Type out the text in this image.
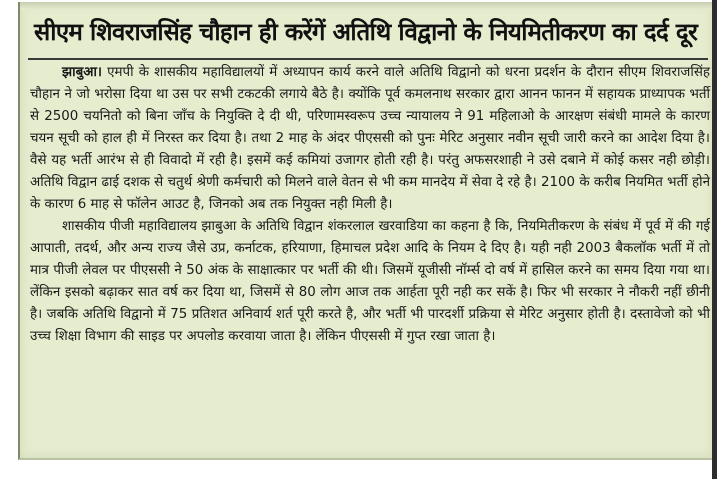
सीएम शिवराजसिंह चौहान ही करेंगें अतिथि विद्वानो के नियमितीकरण का दर्द दूर

झाबुआ। एमपी के शासकीय महाविद्यालयों में अध्यापन कार्य करने वाले अतिथि विद्वानो को धरना प्रदर्शन के दौरान सीएम शिवराजसिंह चौहान ने जो भरोसा दिया था उस पर सभी टकटकी लगाये बैठे है। क्योंकि पूर्व कमलनाथ सरकार द्वारा आनन फानन में सहायक प्राध्यापक भर्ती से 2500 चयनितो को बिना जाँच के नियुक्ति दे दी थी, परिणामस्वरूप उच्च न्यायालय ने 91 महिलाओ के आरक्षण संबंधी मामले के कारण चयन सूची को हाल ही में निरस्त कर दिया है। तथा 2 माह के अंदर पीएससी को पुनः मेरिट अनुसार नवीन सूची जारी करने का आदेश दिया है। वैसे यह भर्ती आरंभ से ही विवादो में रही है। इसमें कई कमियां उजागर होती रही है। परंतु अफसरशाही ने उसे दबाने में कोई कसर नही छोड़ी। अतिथि विद्वान ढाई दशक से चतुर्थ श्रेणी कर्मचारी को मिलने वाले वेतन से भी कम मानदेय में सेवा दे रहे है। 2100 के करीब नियमित भर्ती होने के कारण 6 माह से फॉलेन आउट है, जिनको अब तक नियुक्त नही मिली है।

शासकीय पीजी महाविद्यालय झाबुआ के अतिथि विद्वान शंकरलाल खरवाडिया का कहना है कि, नियमितीकरण के संबंध में पूर्व में की गई आपाती, तदर्थ, और अन्य राज्य जैसे उप्र, कर्नाटक, हरियाणा, हिमाचल प्रदेश आदि के नियम दे दिए है। यही नही 2003 बैकलॉक भर्ती में तो मात्र पीजी लेवल पर पीएससी ने 50 अंक के साक्षात्कार पर भर्ती की थी। जिसमें यूजीसी नॉर्म्स दो वर्ष में हासिल करने का समय दिया गया था। लेंकिन इसको बढ़ाकर सात वर्ष कर दिया था, जिसमें से 80 लोग आज तक आर्हता पूरी नही कर सकें है। फिर भी सरकार ने नौकरी नहीं छीनी है। जबकि अतिथि विद्वानो में 75 प्रतिशत अनिवार्य शर्त पूरी करते है, और भर्ती भी पारदर्शी प्रक्रिया से मेरिट अनुसार होती है। दस्तावेजो को भी उच्च शिक्षा विभाग की साइड पर अपलोड करवाया जाता है। लेंकिन पीएससी में गुप्त रखा जाता है।
